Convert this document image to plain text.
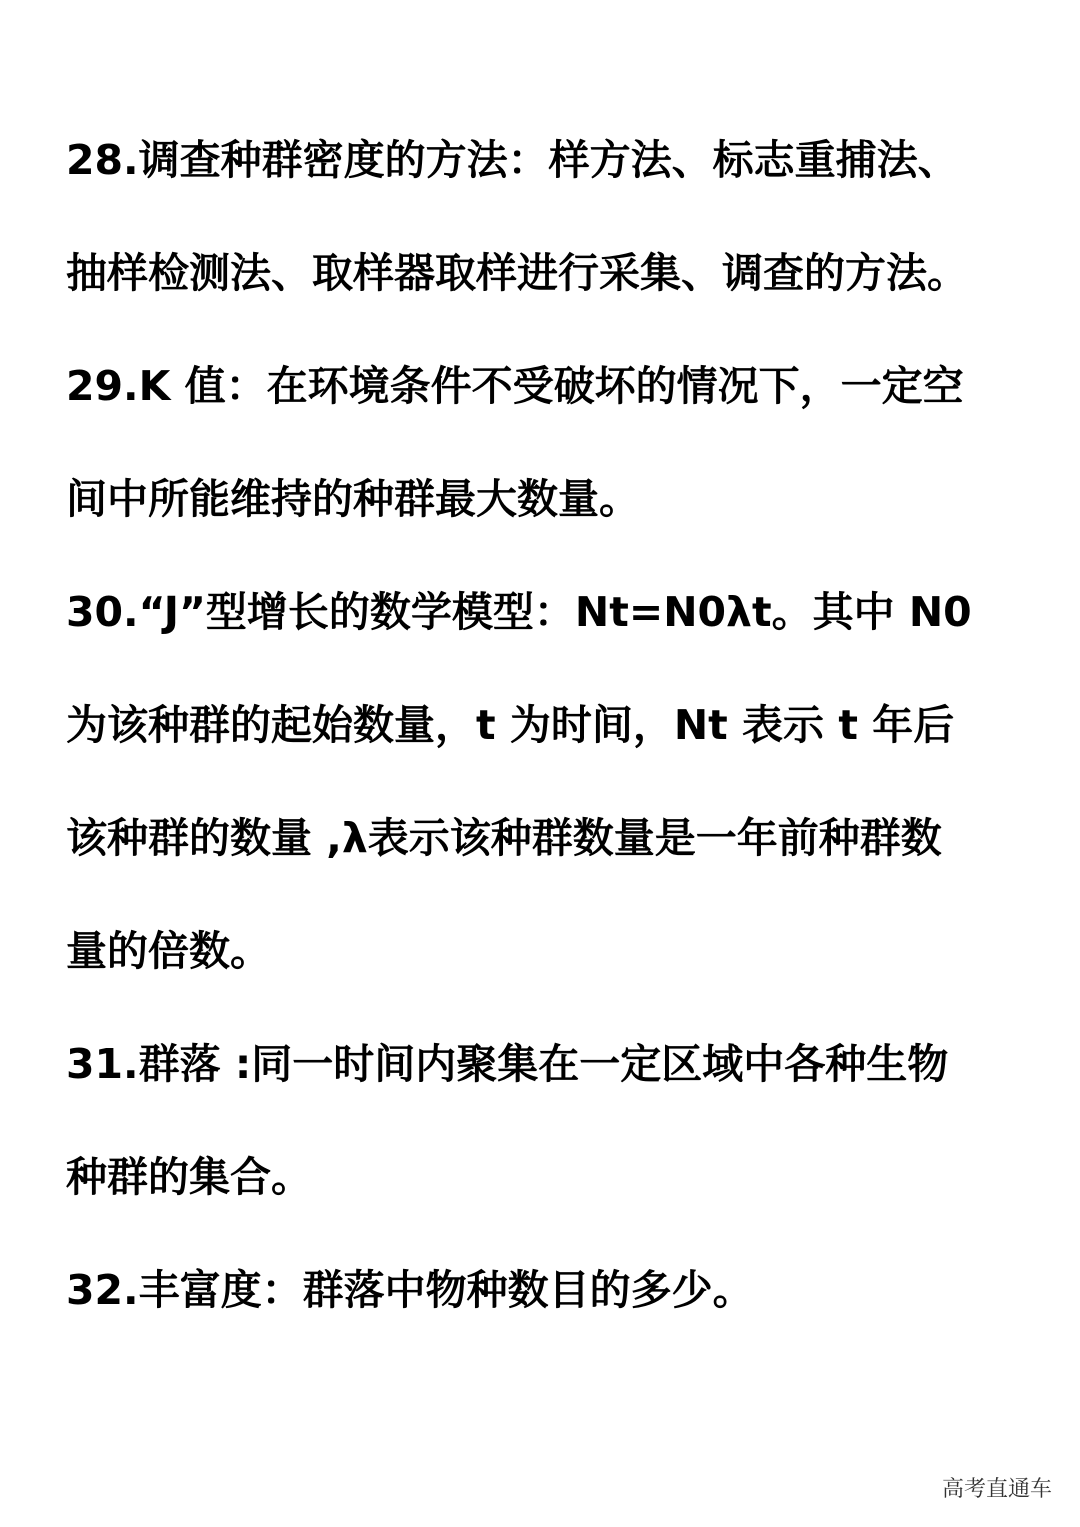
28.调查种群密度的方法：样方法、标志重捕法、
抽样检测法、取样器取样进行采集、调查的方法。
29.K 值：在环境条件不受破坏的情况下，一定空
间中所能维持的种群最大数量。
30.“J”型增长的数学模型：Nt=N0λt。其中 N0
为该种群的起始数量，t 为时间，Nt 表示 t 年后
该种群的数量 ,λ表示该种群数量是一年前种群数
量的倍数。
31.群落 :同一时间内聚集在一定区域中各种生物
种群的集合。
32.丰富度：群落中物种数目的多少。
高考直通车
